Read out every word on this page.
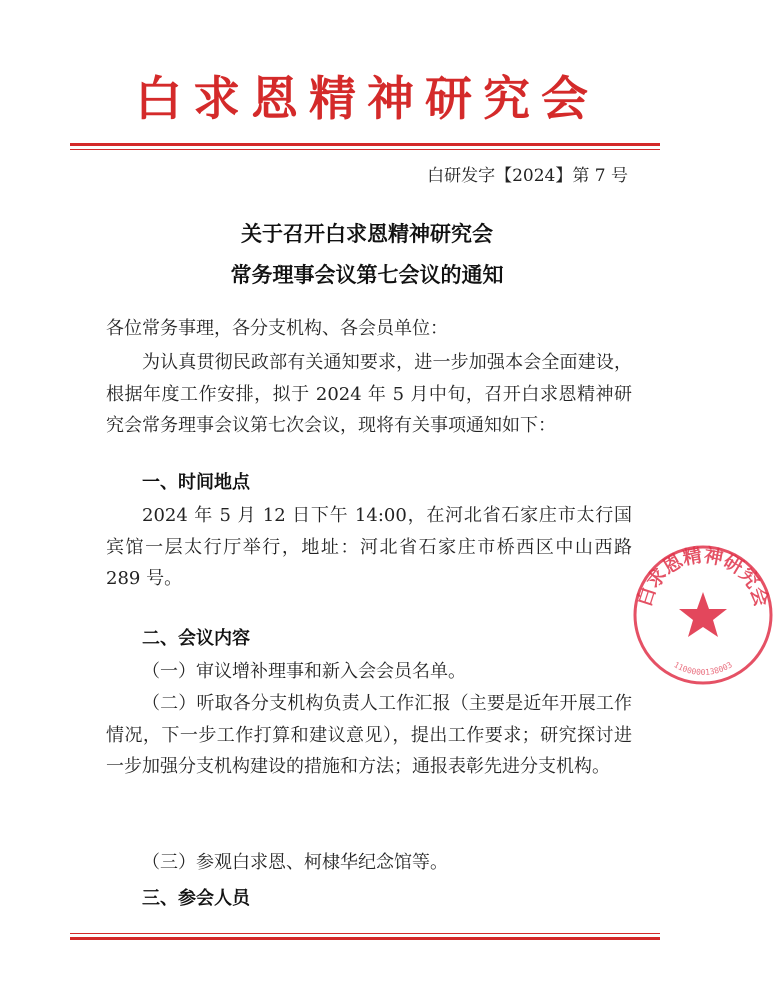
白求恩精神研究会
白研发字【2024】第 7 号
关于召开白求恩精神研究会
常务理事会议第七会议的通知

各位常务事理，各分支机构、各会员单位：

为认真贯彻民政部有关通知要求，进一步加强本会全面建设，根据年度工作安排，拟于 2024 年 5 月中旬，召开白求恩精神研究会常务理事会议第七次会议，现将有关事项通知如下：

一、时间地点

2024 年 5 月 12 日下午 14:00，在河北省石家庄市太行国宾馆一层太行厅举行，地址：河北省石家庄市桥西区中山西路 289 号。

二、会议内容
（一）审议增补理事和新入会会员名单。

（二）听取各分支机构负责人工作汇报（主要是近年开展工作情况，下一步工作打算和建议意见），提出工作要求；研究探讨进一步加强分支机构建设的措施和方法；通报表彰先进分支机构。

（三）参观白求恩、柯棣华纪念馆等。
三、参会人员
白求恩精神研究会
1100000138003
